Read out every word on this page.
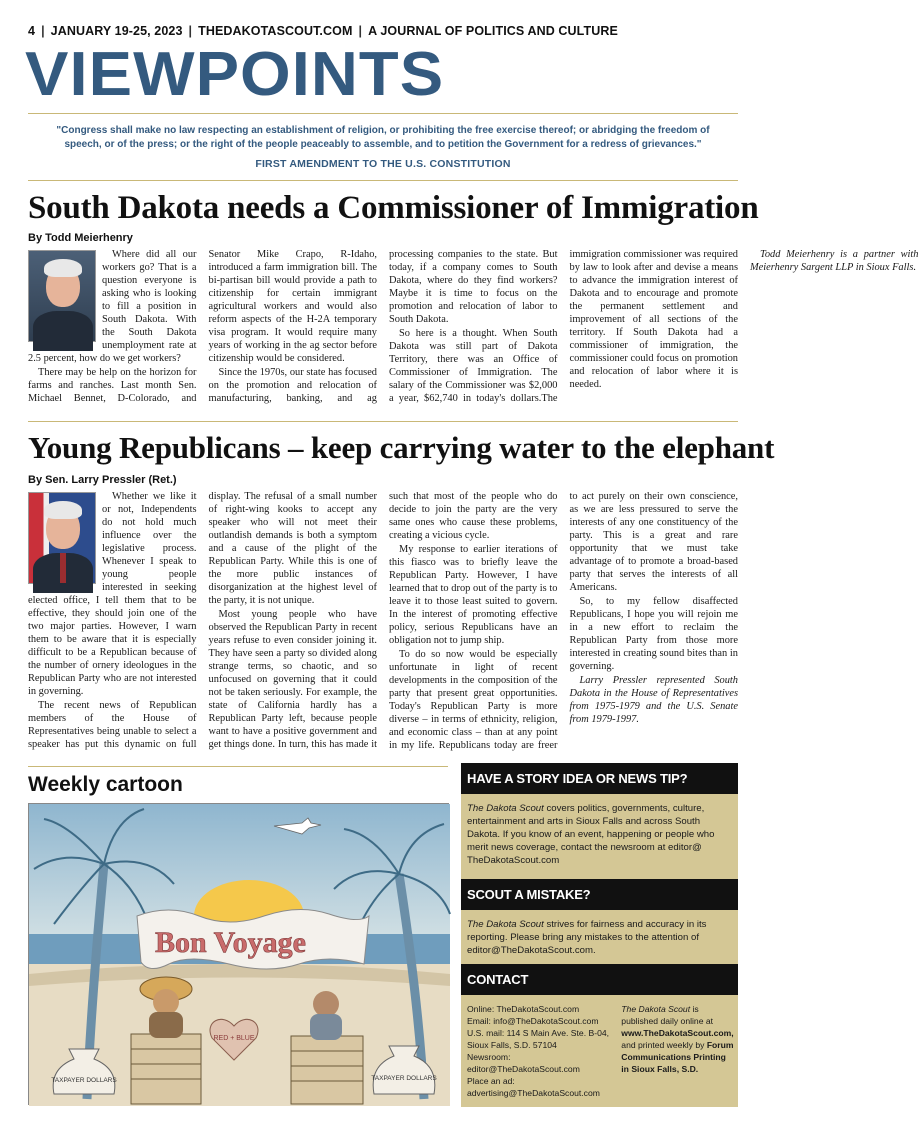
4 | JANUARY 19-25, 2023 | THEDAKOTASCOUT.COM | A JOURNAL OF POLITICS AND CULTURE
VIEWPOINTS
"Congress shall make no law respecting an establishment of religion, or prohibiting the free exercise thereof; or abridging the freedom of speech, or of the press; or the right of the people peaceably to assemble, and to petition the Government for a redress of grievances."
FIRST AMENDMENT TO THE U.S. CONSTITUTION
South Dakota needs a Commissioner of Immigration
By Todd Meierhenry

Where did all our workers go? That is a question everyone is asking who is looking to fill a position in South Dakota. With the South Dakota unemployment rate at 2.5 percent, how do we get workers?

There may be help on the horizon for farms and ranches. Last month Sen. Michael Bennet, D-Colorado, and Senator Mike Crapo, R-Idaho, introduced a farm immigration bill. The bi-partisan bill would provide a path to citizenship for certain immigrant agricultural workers and would also reform aspects of the H-2A temporary visa program. It would require many years of working in the ag sector before citizenship would be considered.

Since the 1970s, our state has focused on the promotion and relocation of manufacturing, banking, and ag processing companies to the state. But today, if a company comes to South Dakota, where do they find workers? Maybe it is time to focus on the promotion and relocation of labor to South Dakota.

So here is a thought. When South Dakota was still part of Dakota Territory, there was an Office of Commissioner of Immigration. The salary of the Commissioner was $2,000 a year, $62,740 in today's dollars.The immigration commissioner was required by law to look after and devise a means to advance the immigration interest of Dakota and to encourage and promote the permanent settlement and improvement of all sections of the territory. If South Dakota had a commissioner of immigration, the commissioner could focus on promotion and relocation of labor where it is needed.

Todd Meierhenry is a partner with Meierhenry Sargent LLP in Sioux Falls.

Young Republicans – keep carrying water to the elephant
By Sen. Larry Pressler (Ret.)

Whether we like it or not, Independents do not hold much influence over the legislative process. Whenever I speak to young people interested in seeking elected office, I tell them that to be effective, they should join one of the two major parties. However, I warn them to be aware that it is especially difficult to be a Republican because of the number of ornery ideologues in the Republican Party who are not interested in governing.

The recent news of Republican members of the House of Representatives being unable to select a speaker has put this dynamic on full display. The refusal of a small number of right-wing kooks to accept any speaker who will not meet their outlandish demands is both a symptom and a cause of the plight of the Republican Party. While this is one of the more public instances of disorganization at the highest level of the party, it is not unique.

Most young people who have observed the Republican Party in recent years refuse to even consider joining it. They have seen a party so divided along strange terms, so chaotic, and so unfocused on governing that it could not be taken seriously. For example, the state of California hardly has a Republican Party left, because people want to have a positive government and get things done. In turn, this has made it such that most of the people who do decide to join the party are the very same ones who cause these problems, creating a vicious cycle.

My response to earlier iterations of this fiasco was to briefly leave the Republican Party. However, I have learned that to drop out of the party is to leave it to those least suited to govern. In the interest of promoting effective policy, serious Republicans have an obligation not to jump ship.

To do so now would be especially unfortunate in light of recent developments in the composition of the party that present great opportunities. Today's Republican Party is more diverse – in terms of ethnicity, religion, and economic class – than at any point in my life. Republicans today are freer to act purely on their own conscience, as we are less pressured to serve the interests of any one constituency of the party. This is a great and rare opportunity that we must take advantage of to promote a broad-based party that serves the interests of all Americans.

So, to my fellow disaffected Republicans, I hope you will rejoin me in a new effort to reclaim the Republican Party from those more interested in creating sound bites than in governing.

Larry Pressler represented South Dakota in the House of Representatives from 1975-1979 and the U.S. Senate from 1979-1997.

Weekly cartoon
Bon Voyage
RED + BLUE
TAXPAYER DOLLARS	TAXPAYER DOLLARS
HAVE A STORY IDEA OR NEWS TIP?
The Dakota Scout covers politics, governments, culture, entertainment and arts in Sioux Falls and across South Dakota. If you know of an event, happening or people who merit news coverage, contact the newsroom at editor@ TheDakotaScout.com
SCOUT A MISTAKE?
The Dakota Scout strives for fairness and accuracy in its reporting. Please bring any mistakes to the attention of editor@TheDakotaScout.com.
CONTACT
Online: TheDakotaScout.com
Email: info@TheDakotaScout.com
U.S. mail: 114 S Main Ave. Ste. B-04,
Sioux Falls, S.D. 57104
Newsroom:
editor@TheDakotaScout.com
Place an ad:
advertising@TheDakotaScout.com
The Dakota Scout is published daily online at www.TheDakotaScout.com, and printed weekly by Forum Communications Printing in Sioux Falls, S.D.
